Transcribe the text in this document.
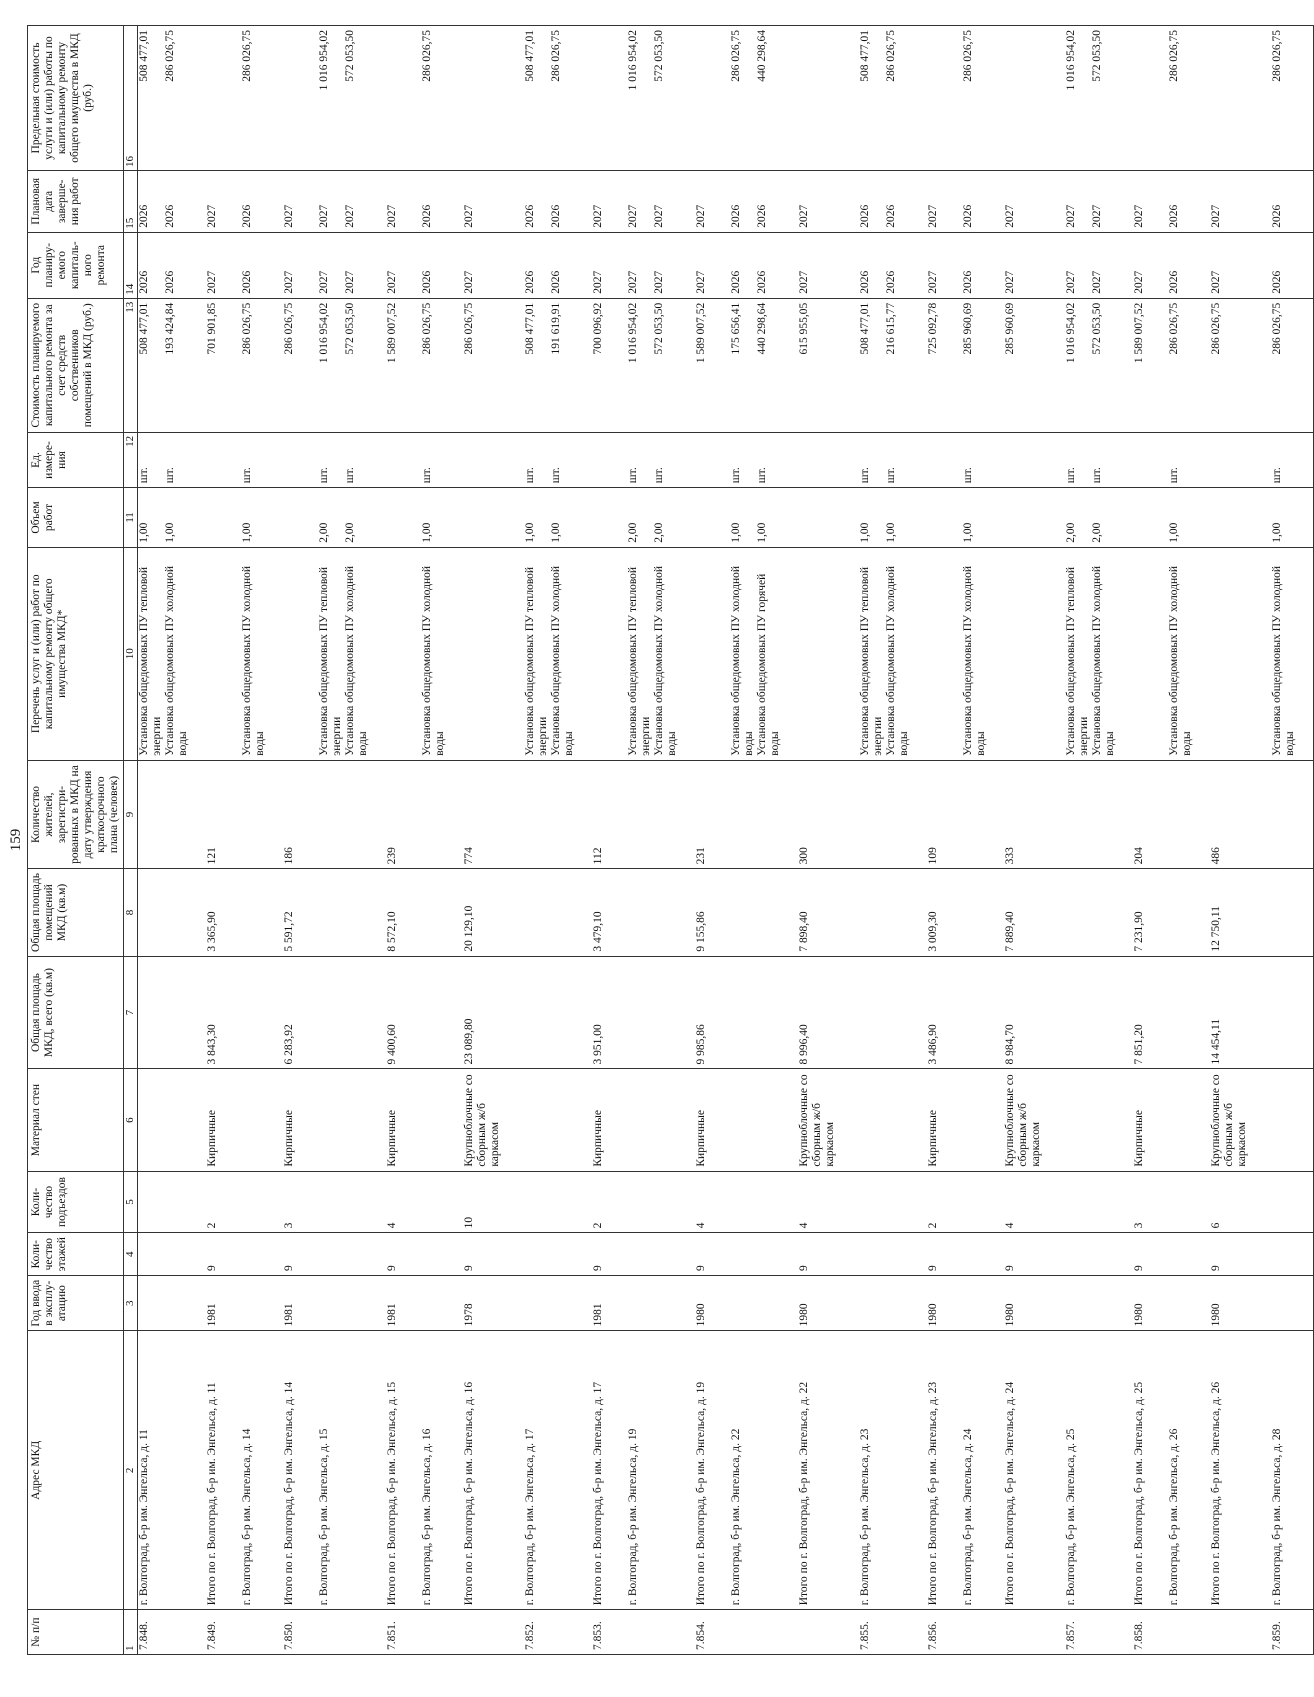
159
№ п/п	Адрес МКД	Год ввода в эксплу-атацию	Коли-чество этажей	Коли-чество подъездов	Материал стен	Общая площадь МКД, всего (кв.м)	Общая площадь помещений МКД (кв.м)	Количество жителей, зарегистри-рованных в МКД на дату утверждения краткосрочного плана (человек)	Перечень услуг и (или) работ по капитальному ремонту общего имущества МКД*	Объем работ	Ед. измере-ния	Стоимость планируемого капитального ремонта за счет средств собственников помещений в МКД (руб.)	Год планиру-емого капиталь-ного ремонта	Плановая дата заверше-ния работ	Предельная стоимость услуги и (или) работы по капитальному ремонту общего имущества в МКД (руб.)
1	2	3	4	5	6	7	8	9	10	11	12	13	14	15	16
7.848.	г. Волгоград, б-р им. Энгельса, д. 11								Установка общедомовых ПУ тепловой энергии	1,00	шт.	508 477,01	2026	2026	508 477,01
									Установка общедомовых ПУ холодной воды	1,00	шт.	193 424,84	2026	2026	286 026,75

7.849.	Итого по г. Волгоград, б-р им. Энгельса, д. 11	1981	9	2	Кирпичные	3 843,30	3 365,90	121				701 901,85	2027	2027	

	г. Волгоград, б-р им. Энгельса, д. 14								Установка общедомовых ПУ холодной воды	1,00	шт.	286 026,75	2026	2026	286 026,75

7.850.	Итого по г. Волгоград, б-р им. Энгельса, д. 14	1981	9	3	Кирпичные	6 283,92	5 591,72	186				286 026,75	2027	2027	

	г. Волгоград, б-р им. Энгельса, д. 15								Установка общедомовых ПУ тепловой энергии	2,00	шт.	1 016 954,02	2027	2027	1 016 954,02
									Установка общедомовых ПУ холодной воды	2,00	шт.	572 053,50	2027	2027	572 053,50

7.851.	Итого по г. Волгоград, б-р им. Энгельса, д. 15	1981	9	4	Кирпичные	9 400,60	8 572,10	239				1 589 007,52	2027	2027	

	г. Волгоград, б-р им. Энгельса, д. 16								Установка общедомовых ПУ холодной воды	1,00	шт.	286 026,75	2026	2026	286 026,75

	Итого по г. Волгоград, б-р им. Энгельса, д. 16	1978	9	10	Крупноблочные со сборным ж/б каркасом	23 089,80	20 129,10	774				286 026,75	2027	2027	

7.852.	г. Волгоград, б-р им. Энгельса, д. 17								Установка общедомовых ПУ тепловой энергии	1,00	шт.	508 477,01	2026	2026	508 477,01
									Установка общедомовых ПУ холодной воды	1,00	шт.	191 619,91	2026	2026	286 026,75

7.853.	Итого по г. Волгоград, б-р им. Энгельса, д. 17	1981	9	2	Кирпичные	3 951,00	3 479,10	112				700 096,92	2027	2027	

	г. Волгоград, б-р им. Энгельса, д. 19								Установка общедомовых ПУ тепловой энергии	2,00	шт.	1 016 954,02	2027	2027	1 016 954,02
									Установка общедомовых ПУ холодной воды	2,00	шт.	572 053,50	2027	2027	572 053,50

7.854.	Итого по г. Волгоград, б-р им. Энгельса, д. 19	1980	9	4	Кирпичные	9 985,86	9 155,86	231				1 589 007,52	2027	2027	

	г. Волгоград, б-р им. Энгельса, д. 22								Установка общедомовых ПУ холодной воды	1,00	шт.	175 656,41	2026	2026	286 026,75
									Установка общедомовых ПУ горячей воды	1,00	шт.	440 298,64	2026	2026	440 298,64

	Итого по г. Волгоград, б-р им. Энгельса, д. 22	1980	9	4	Крупноблочные со сборным ж/б каркасом	8 996,40	7 898,40	300				615 955,05	2027	2027	

7.855.	г. Волгоград, б-р им. Энгельса, д. 23								Установка общедомовых ПУ тепловой энергии	1,00	шт.	508 477,01	2026	2026	508 477,01
									Установка общедомовых ПУ холодной воды	1,00	шт.	216 615,77	2026	2026	286 026,75

7.856.	Итого по г. Волгоград, б-р им. Энгельса, д. 23	1980	9	2	Кирпичные	3 486,90	3 009,30	109				725 092,78	2027	2027	

	г. Волгоград, б-р им. Энгельса, д. 24								Установка общедомовых ПУ холодной воды	1,00	шт.	285 960,69	2026	2026	286 026,75

	Итого по г. Волгоград, б-р им. Энгельса, д. 24	1980	9	4	Крупноблочные со сборным ж/б каркасом	8 984,70	7 889,40	333				285 960,69	2027	2027	

7.857.	г. Волгоград, б-р им. Энгельса, д. 25								Установка общедомовых ПУ тепловой энергии	2,00	шт.	1 016 954,02	2027	2027	1 016 954,02
									Установка общедомовых ПУ холодной воды	2,00	шт.	572 053,50	2027	2027	572 053,50

7.858.	Итого по г. Волгоград, б-р им. Энгельса, д. 25	1980	9	3	Кирпичные	7 851,20	7 231,90	204				1 589 007,52	2027	2027	

	г. Волгоград, б-р им. Энгельса, д. 26								Установка общедомовых ПУ холодной воды	1,00	шт.	286 026,75	2026	2026	286 026,75

	Итого по г. Волгоград, б-р им. Энгельса, д. 26	1980	9	6	Крупноблочные со сборным ж/б каркасом	14 454,11	12 750,11	486				286 026,75	2027	2027	

7.859.	г. Волгоград, б-р им. Энгельса, д. 28								Установка общедомовых ПУ холодной воды	1,00	шт.	286 026,75	2026	2026	286 026,75
